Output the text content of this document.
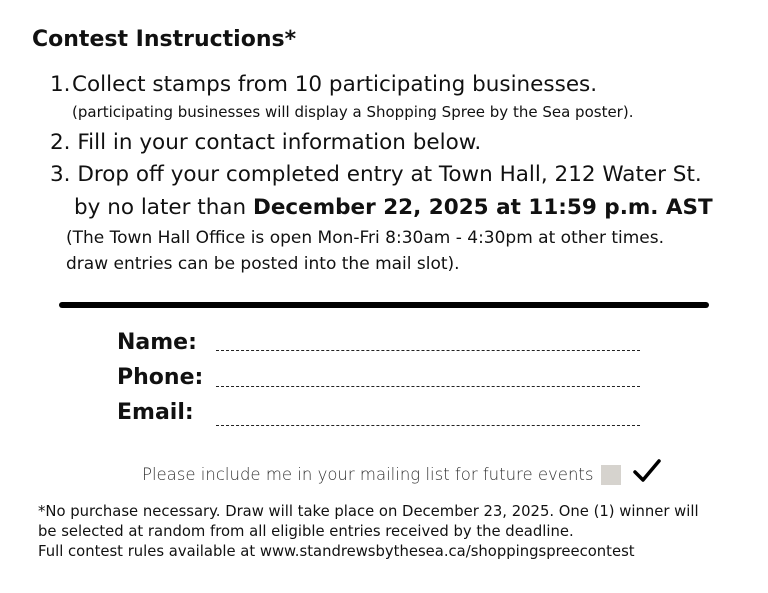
Contest Instructions*
1.Collect stamps from 10 participating businesses.
(participating businesses will display a Shopping Spree by the Sea poster).
2. Fill in your contact information below.
3. Drop off your completed entry at Town Hall, 212 Water St.
by no later than December 22, 2025 at 11:59 p.m. AST
(The Town Hall Office is open Mon-Fri 8:30am - 4:30pm at other times.
draw entries can be posted into the mail slot).
Name:
Phone:
Email:
Please include me in your mailing list for future events
*No purchase necessary. Draw will take place on December 23, 2025. One (1) winner will
be selected at random from all eligible entries received by the deadline.
Full contest rules available at www.standrewsbythesea.ca/shoppingspreecontest
